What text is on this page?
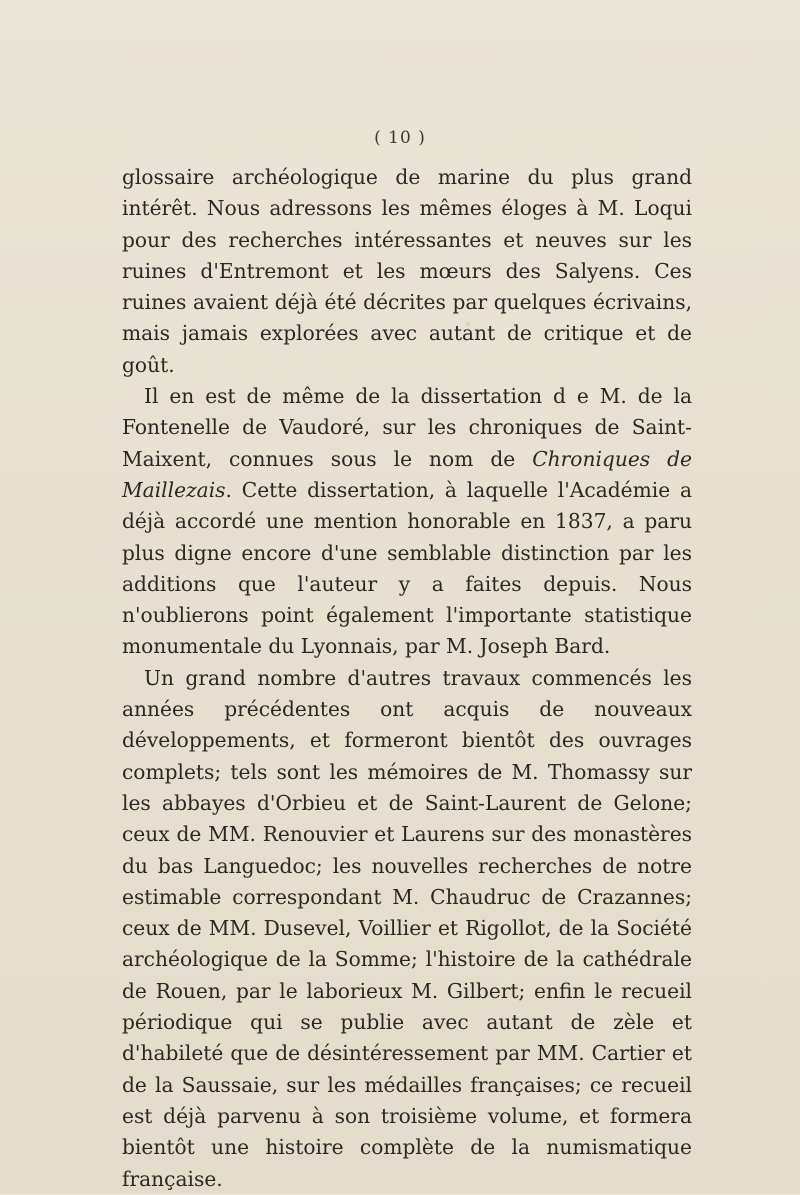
( 10 )

glossaire archéologique de marine du plus grand intérêt. Nous adressons les mêmes éloges à M. Loqui pour des recherches intéressantes et neuves sur les ruines d'Entremont et les mœurs des Salyens. Ces ruines avaient déjà été décrites par quelques écrivains, mais jamais explorées avec autant de critique et de goût.

Il en est de même de la dissertation d e M. de la Fontenelle de Vaudoré, sur les chroniques de Saint-Maixent, connues sous le nom de Chroniques de Maillezais. Cette dissertation, à laquelle l'Académie a déjà accordé une mention honorable en 1837, a paru plus digne encore d'une semblable distinction par les additions que l'auteur y a faites depuis. Nous n'oublierons point également l'importante statistique monumentale du Lyonnais, par M. Joseph Bard.

Un grand nombre d'autres travaux commencés les années précédentes ont acquis de nouveaux développements, et formeront bientôt des ouvrages complets; tels sont les mémoires de M. Thomassy sur les abbayes d'Orbieu et de Saint-Laurent de Gelone; ceux de MM. Renouvier et Laurens sur des monastères du bas Languedoc; les nouvelles recherches de notre estimable correspondant M. Chaudruc de Crazannes; ceux de MM. Dusevel, Voillier et Rigollot, de la Société archéologique de la Somme; l'histoire de la cathédrale de Rouen, par le laborieux M. Gilbert; enfin le recueil périodique qui se publie avec autant de zèle et d'habileté que de désintéressement par MM. Cartier et de la Saussaie, sur les médailles françaises; ce recueil est déjà parvenu à son troisième volume, et formera bientôt une histoire complète de la numismatique française.
